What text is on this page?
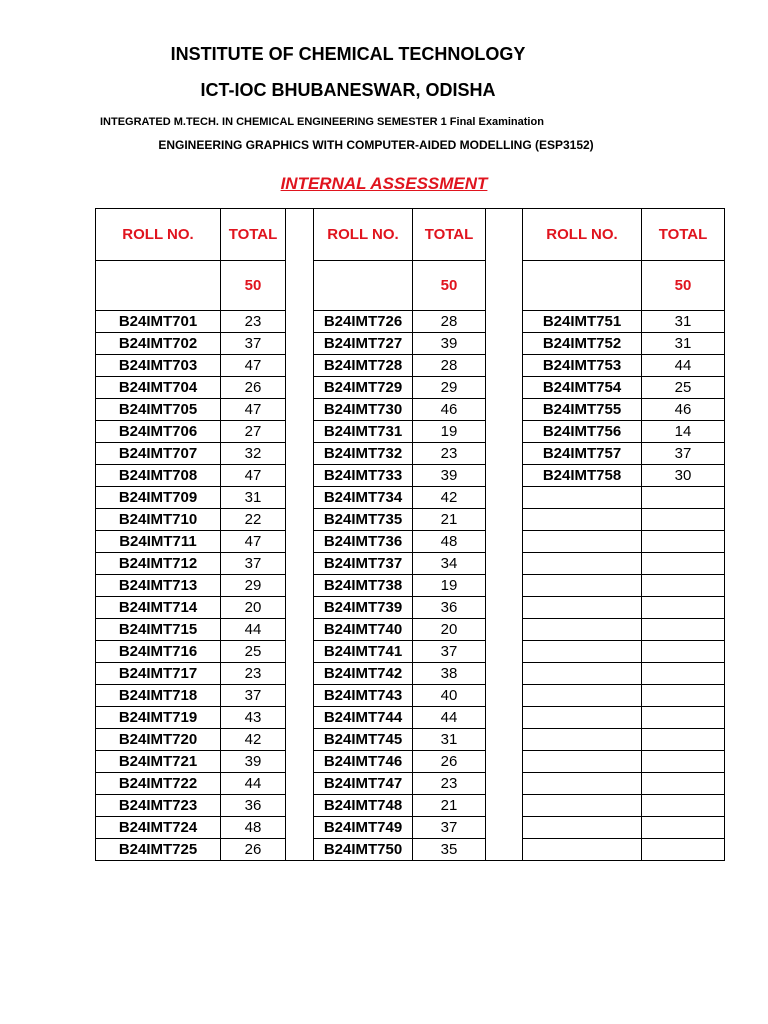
INSTITUTE OF CHEMICAL TECHNOLOGY
ICT-IOC BHUBANESWAR, ODISHA
INTEGRATED M.TECH. IN CHEMICAL ENGINEERING SEMESTER 1 Final Examination
ENGINEERING GRAPHICS WITH COMPUTER-AIDED MODELLING (ESP3152)
INTERNAL ASSESSMENT
ROLL NO.	TOTAL		ROLL NO.	TOTAL		ROLL NO.	TOTAL
	50			50			50
B24IMT701	23		B24IMT726	28		B24IMT751	31
B24IMT702	37		B24IMT727	39		B24IMT752	31
B24IMT703	47		B24IMT728	28		B24IMT753	44
B24IMT704	26		B24IMT729	29		B24IMT754	25
B24IMT705	47		B24IMT730	46		B24IMT755	46
B24IMT706	27		B24IMT731	19		B24IMT756	14
B24IMT707	32		B24IMT732	23		B24IMT757	37
B24IMT708	47		B24IMT733	39		B24IMT758	30
B24IMT709	31		B24IMT734	42			
B24IMT710	22		B24IMT735	21			
B24IMT711	47		B24IMT736	48			
B24IMT712	37		B24IMT737	34			
B24IMT713	29		B24IMT738	19			
B24IMT714	20		B24IMT739	36			
B24IMT715	44		B24IMT740	20			
B24IMT716	25		B24IMT741	37			
B24IMT717	23		B24IMT742	38			
B24IMT718	37		B24IMT743	40			
B24IMT719	43		B24IMT744	44			
B24IMT720	42		B24IMT745	31			
B24IMT721	39		B24IMT746	26			
B24IMT722	44		B24IMT747	23			
B24IMT723	36		B24IMT748	21			
B24IMT724	48		B24IMT749	37			
B24IMT725	26		B24IMT750	35			
